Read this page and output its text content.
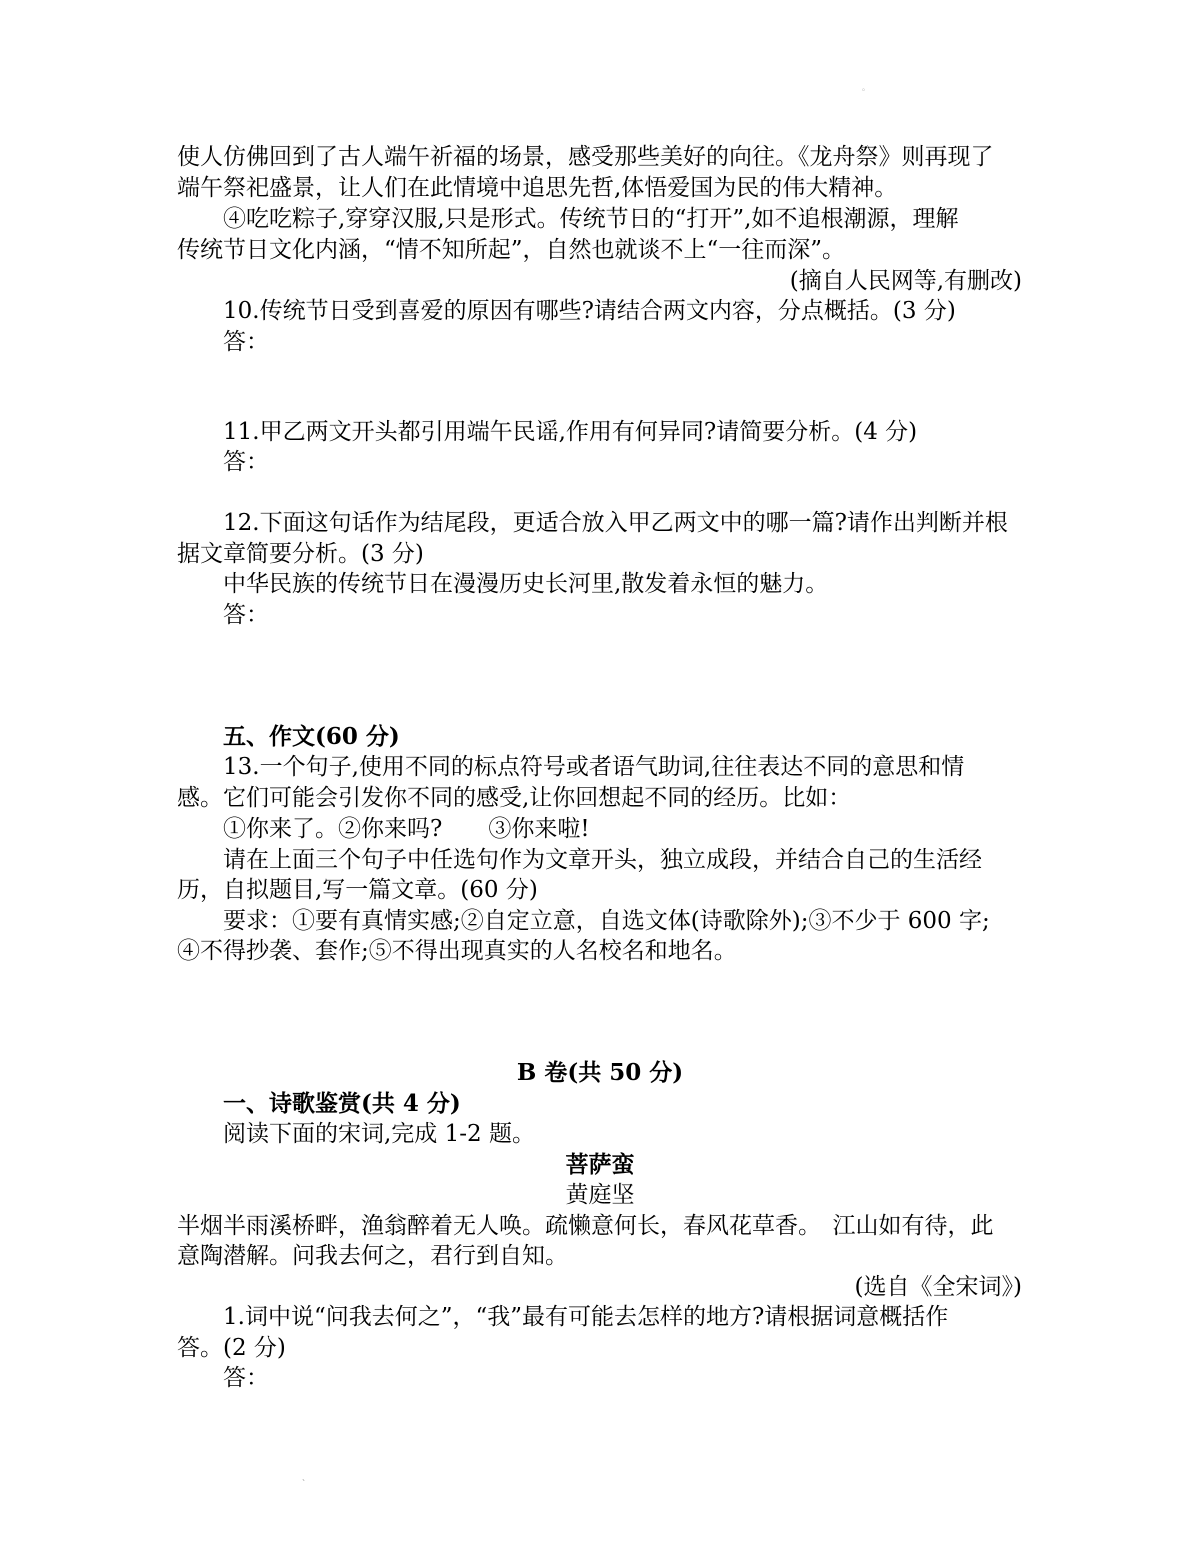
。
使人仿佛回到了古人端午祈福的场景，感受那些美好的向往。《龙舟祭》则再现了
端午祭祀盛景，让人们在此情境中追思先哲,体悟爱国为民的伟大精神。
④吃吃粽子,穿穿汉服,只是形式。传统节日的“打开”,如不追根潮源，理解
传统节日文化内涵，“情不知所起”，自然也就谈不上“一往而深”。
(摘自人民网等,有删改)
10.传统节日受到喜爱的原因有哪些?请结合两文内容，分点概括。(3 分)
答：
11.甲乙两文开头都引用端午民谣,作用有何异同?请简要分析。(4 分)
答：
12.下面这句话作为结尾段，更适合放入甲乙两文中的哪一篇?请作出判断并根
据文章简要分析。(3 分)
中华民族的传统节日在漫漫历史长河里,散发着永恒的魅力。
答：
五、作文(60 分)
13.一个句子,使用不同的标点符号或者语气助词,往往表达不同的意思和情
感。它们可能会引发你不同的感受,让你回想起不同的经历。比如：
①你来了。②你来吗?　　③你来啦!
请在上面三个句子中任选句作为文章开头，独立成段，并结合自己的生活经
历，自拟题目,写一篇文章。(60 分)
要求：①要有真情实感;②自定立意，自选文体(诗歌除外);③不少于 600 字;
④不得抄袭、套作;⑤不得出现真实的人名校名和地名。
B 卷(共 50 分)
一、诗歌鉴赏(共 4 分)
阅读下面的宋词,完成 1-2 题。
菩萨蛮
黄庭坚
半烟半雨溪桥畔，渔翁醉着无人唤。疏懒意何长，春风花草香。　江山如有待，此
意陶潜解。问我去何之，君行到自知。
(选自《全宋词》)
1.词中说“问我去何之”，“我”最有可能去怎样的地方?请根据词意概括作
答。(2 分)
答：
、
